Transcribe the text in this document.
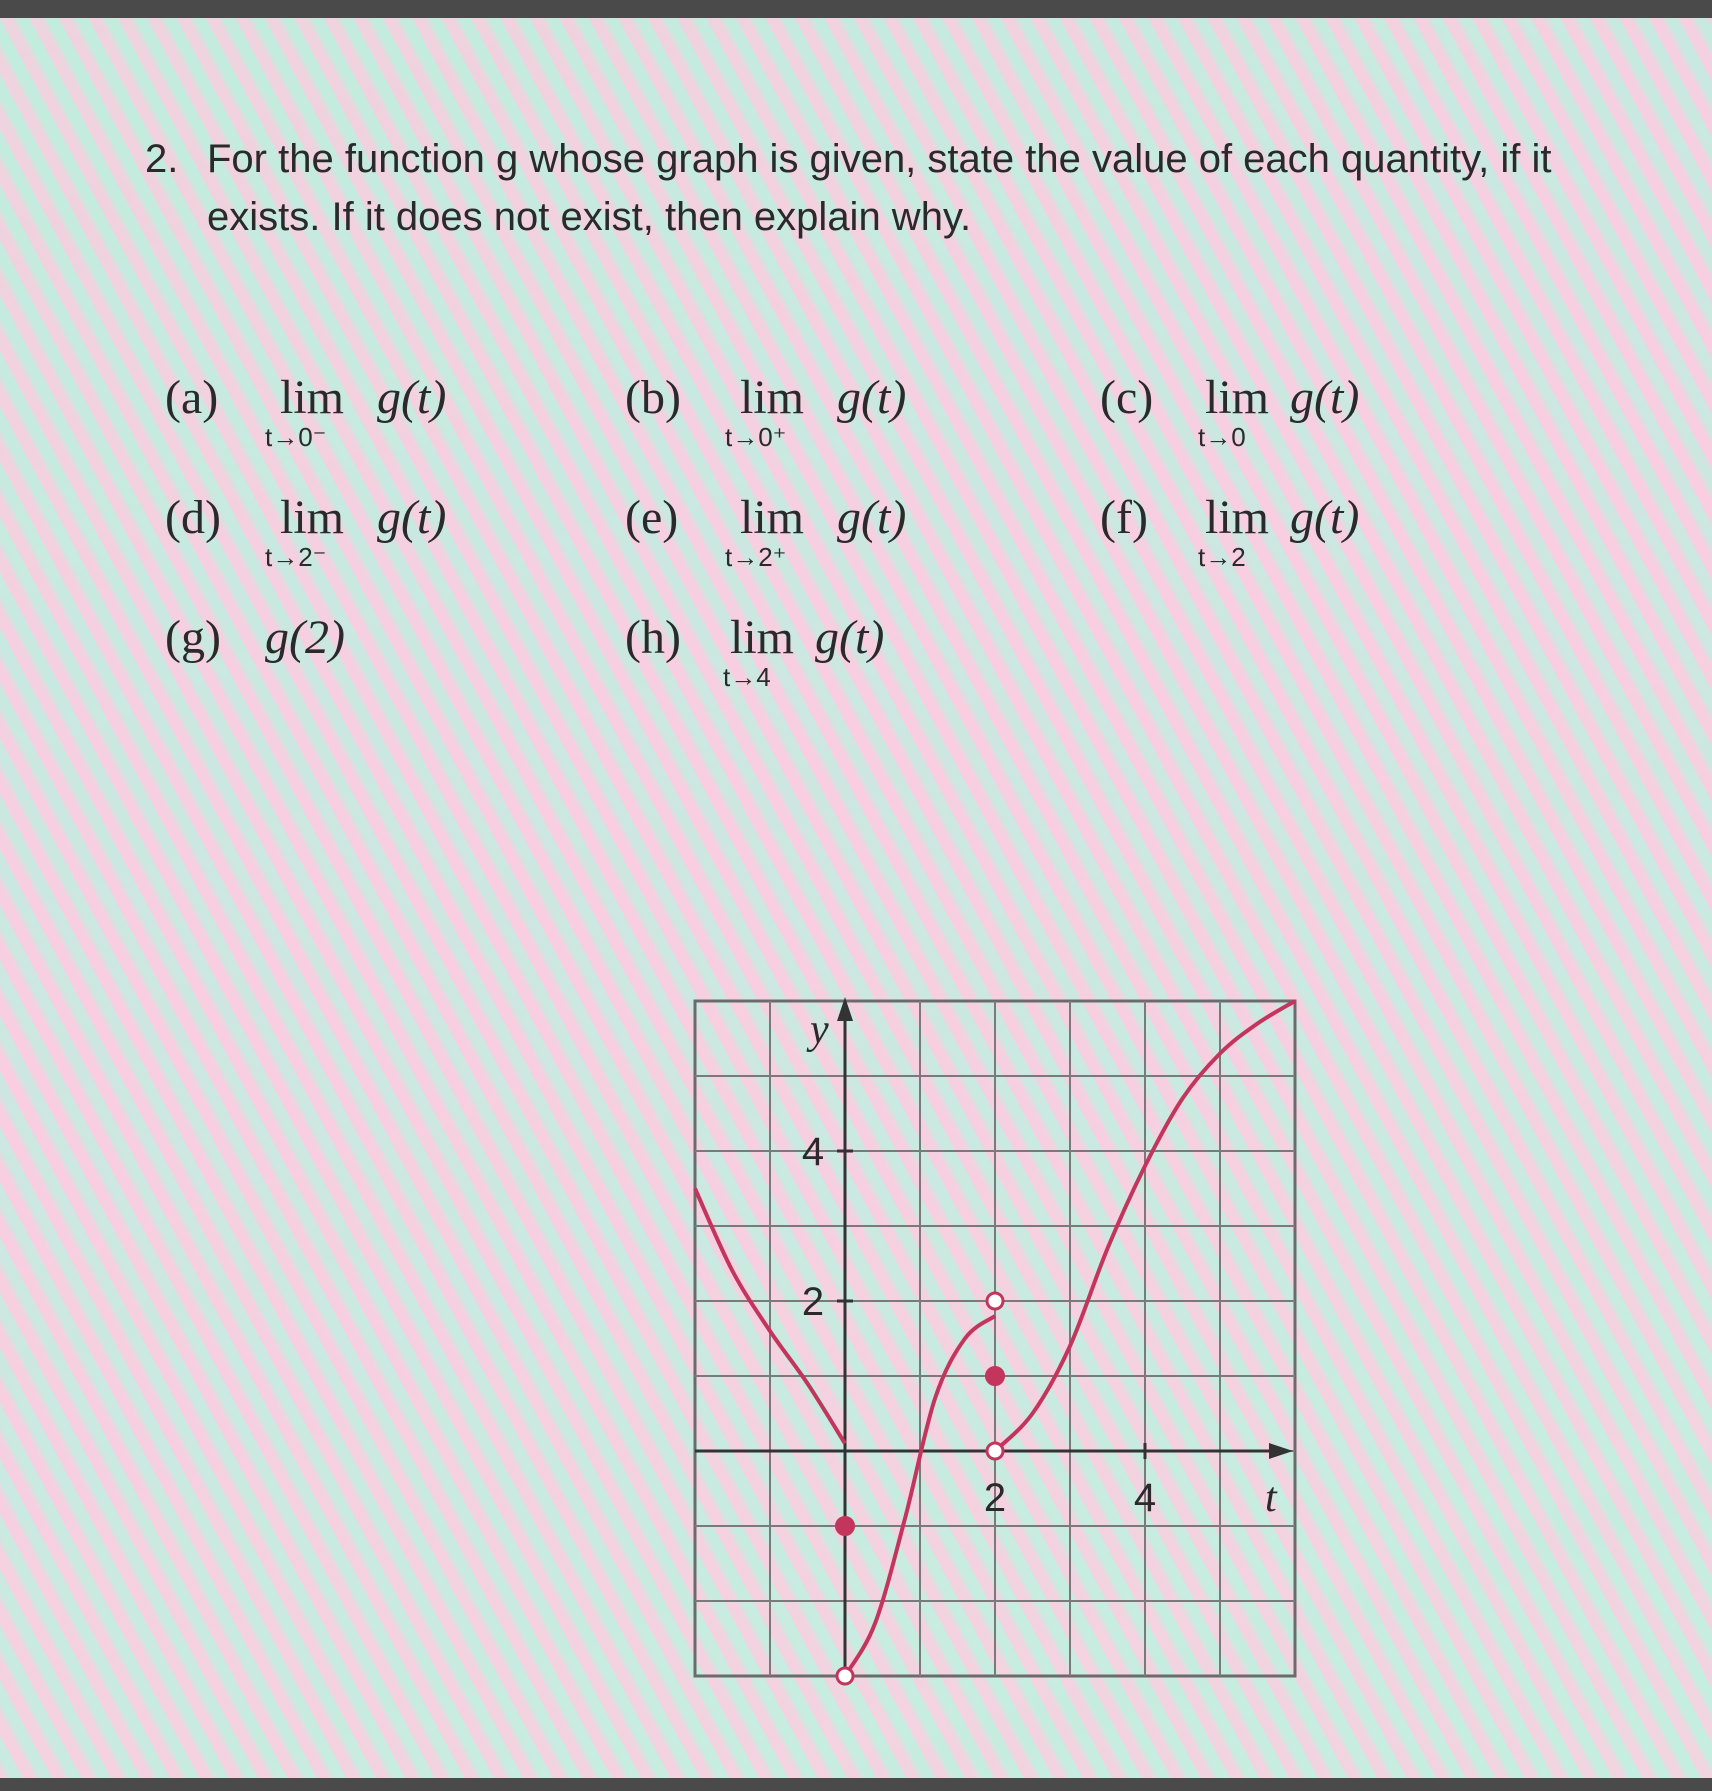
2. For the function g whose graph is given, state the value of each quantity, if it exists. If it does not exist, then explain why.
(a) lim
t→0⁻
g(t)	(b) lim
t→0⁺
g(t)	(c) lim
t→0
g(t)
(d) lim
t→2⁻
g(t)	(e) lim
t→2⁺
g(t)	(f) lim
t→2
g(t)
(g) g(2)	(h) lim
t→4
g(t)
y
t
2	4
2
4
